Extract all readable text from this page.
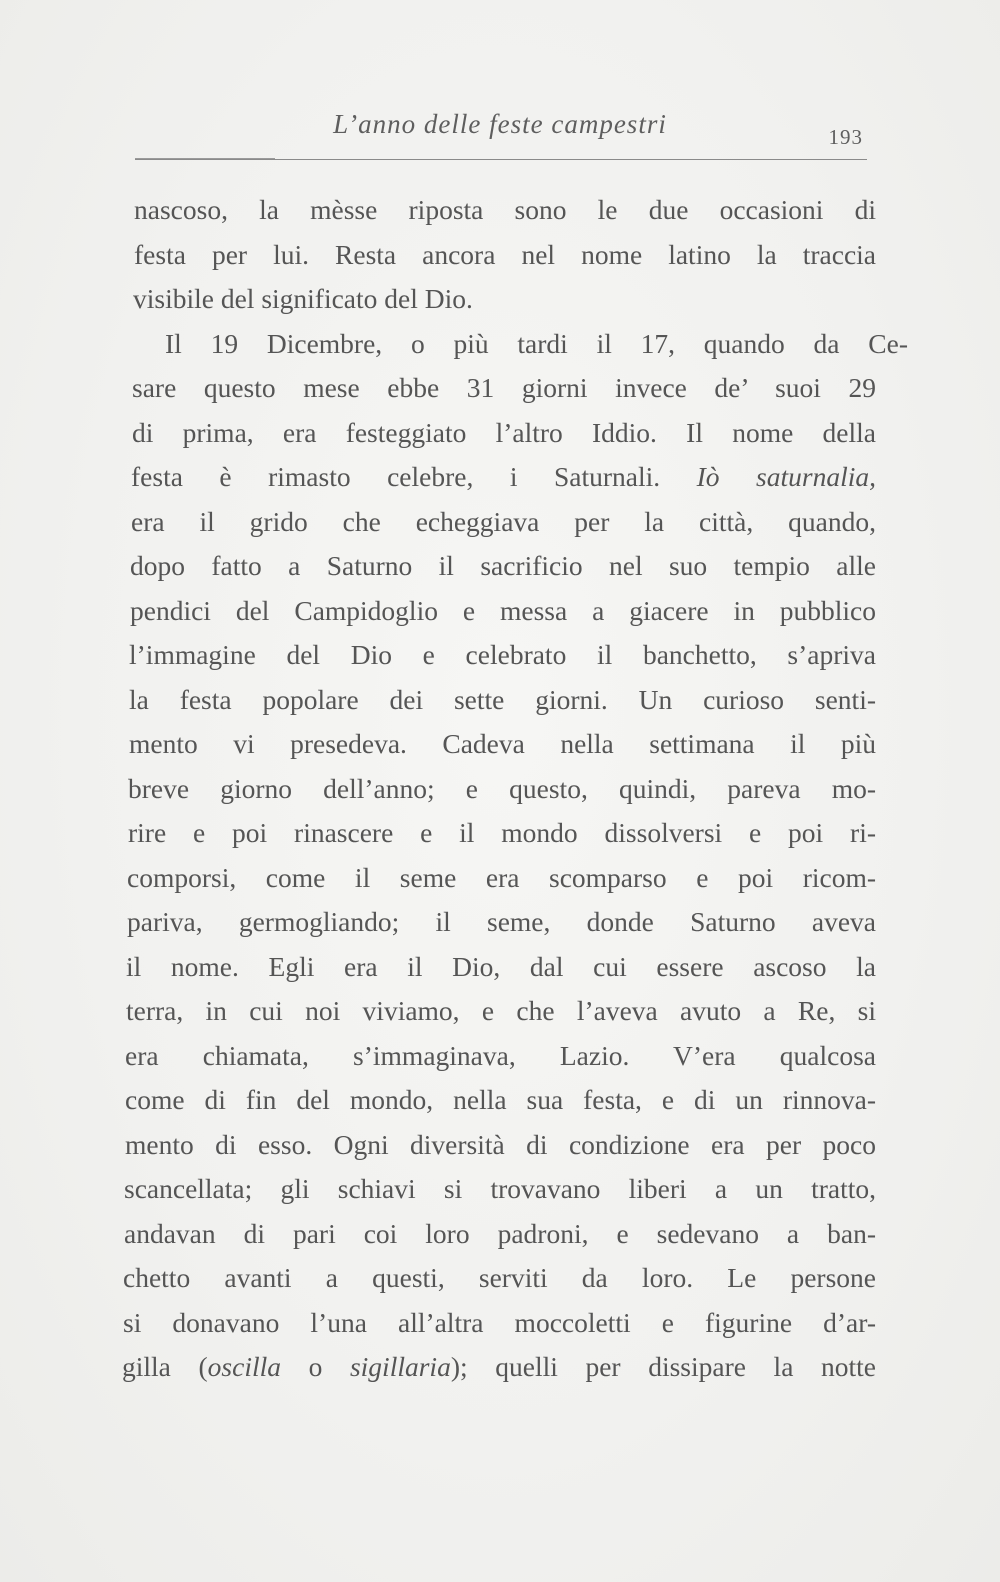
L’anno delle feste campestri	193
nascoso, la mèsse riposta sono le due occasioni di
festa per lui. Resta ancora nel nome latino la traccia
visibile del significato del Dio.
Il 19 Dicembre, o più tardi il 17, quando da Ce-
sare questo mese ebbe 31 giorni invece de’ suoi 29
di prima, era festeggiato l’altro Iddio. Il nome della
festa è rimasto celebre, i Saturnali. Iò saturnalia,
era il grido che echeggiava per la città, quando,
dopo fatto a Saturno il sacrificio nel suo tempio alle
pendici del Campidoglio e messa a giacere in pubblico
l’immagine del Dio e celebrato il banchetto, s’apriva
la festa popolare dei sette giorni. Un curioso senti-
mento vi presedeva. Cadeva nella settimana il più
breve giorno dell’anno; e questo, quindi, pareva mo-
rire e poi rinascere e il mondo dissolversi e poi ri-
comporsi, come il seme era scomparso e poi ricom-
pariva, germogliando; il seme, donde Saturno aveva
il nome. Egli era il Dio, dal cui essere ascoso la
terra, in cui noi viviamo, e che l’aveva avuto a Re, si
era chiamata, s’immaginava, Lazio. V’era qualcosa
come di fin del mondo, nella sua festa, e di un rinnova-
mento di esso. Ogni diversità di condizione era per poco
scancellata; gli schiavi si trovavano liberi a un tratto,
andavan di pari coi loro padroni, e sedevano a ban-
chetto avanti a questi, serviti da loro. Le persone
si donavano l’una all’altra moccoletti e figurine d’ar-
gilla (oscilla o sigillaria); quelli per dissipare la notte
